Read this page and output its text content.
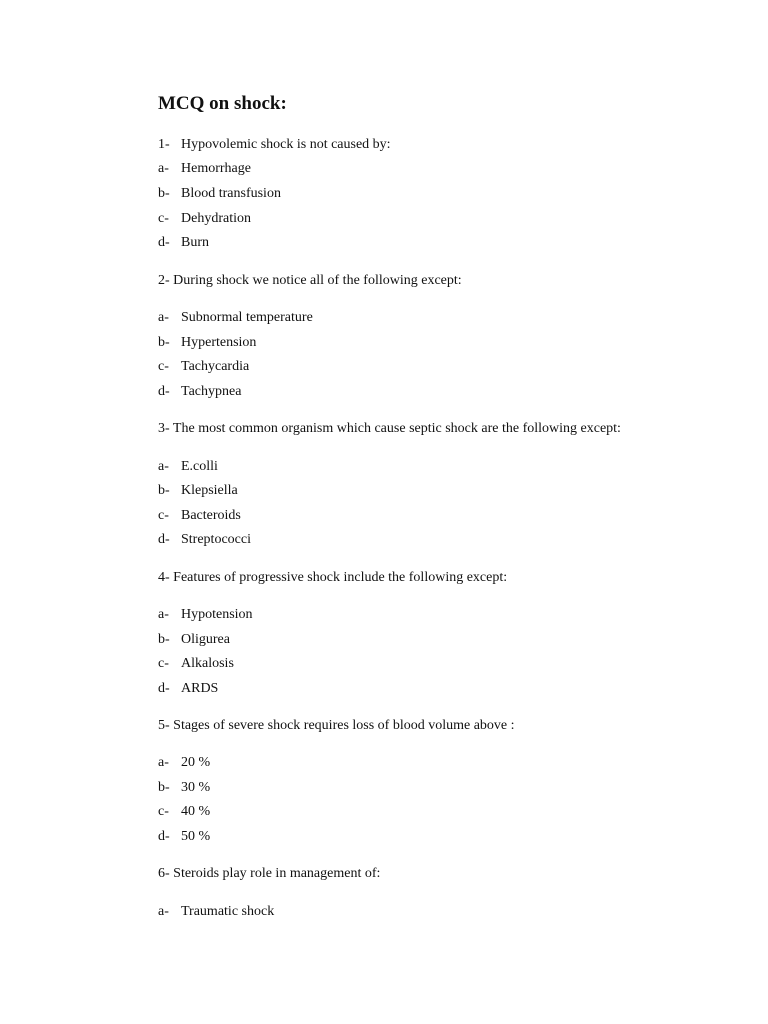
MCQ on shock:
1- Hypovolemic shock is not caused by:
a- Hemorrhage
b- Blood transfusion
c- Dehydration
d- Burn
2- During shock we notice all of the following except:
a- Subnormal temperature
b- Hypertension
c- Tachycardia
d- Tachypnea
3- The most common organism which cause septic shock are the following except:
a- E.colli
b- Klepsiella
c- Bacteroids
d- Streptococci
4- Features of progressive shock include the following except:
a- Hypotension
b- Oligurea
c- Alkalosis
d- ARDS
5- Stages of severe shock requires loss of blood volume above :
a- 20 %
b- 30 %
c- 40 %
d- 50 %
6- Steroids play role in management of:
a- Traumatic shock
